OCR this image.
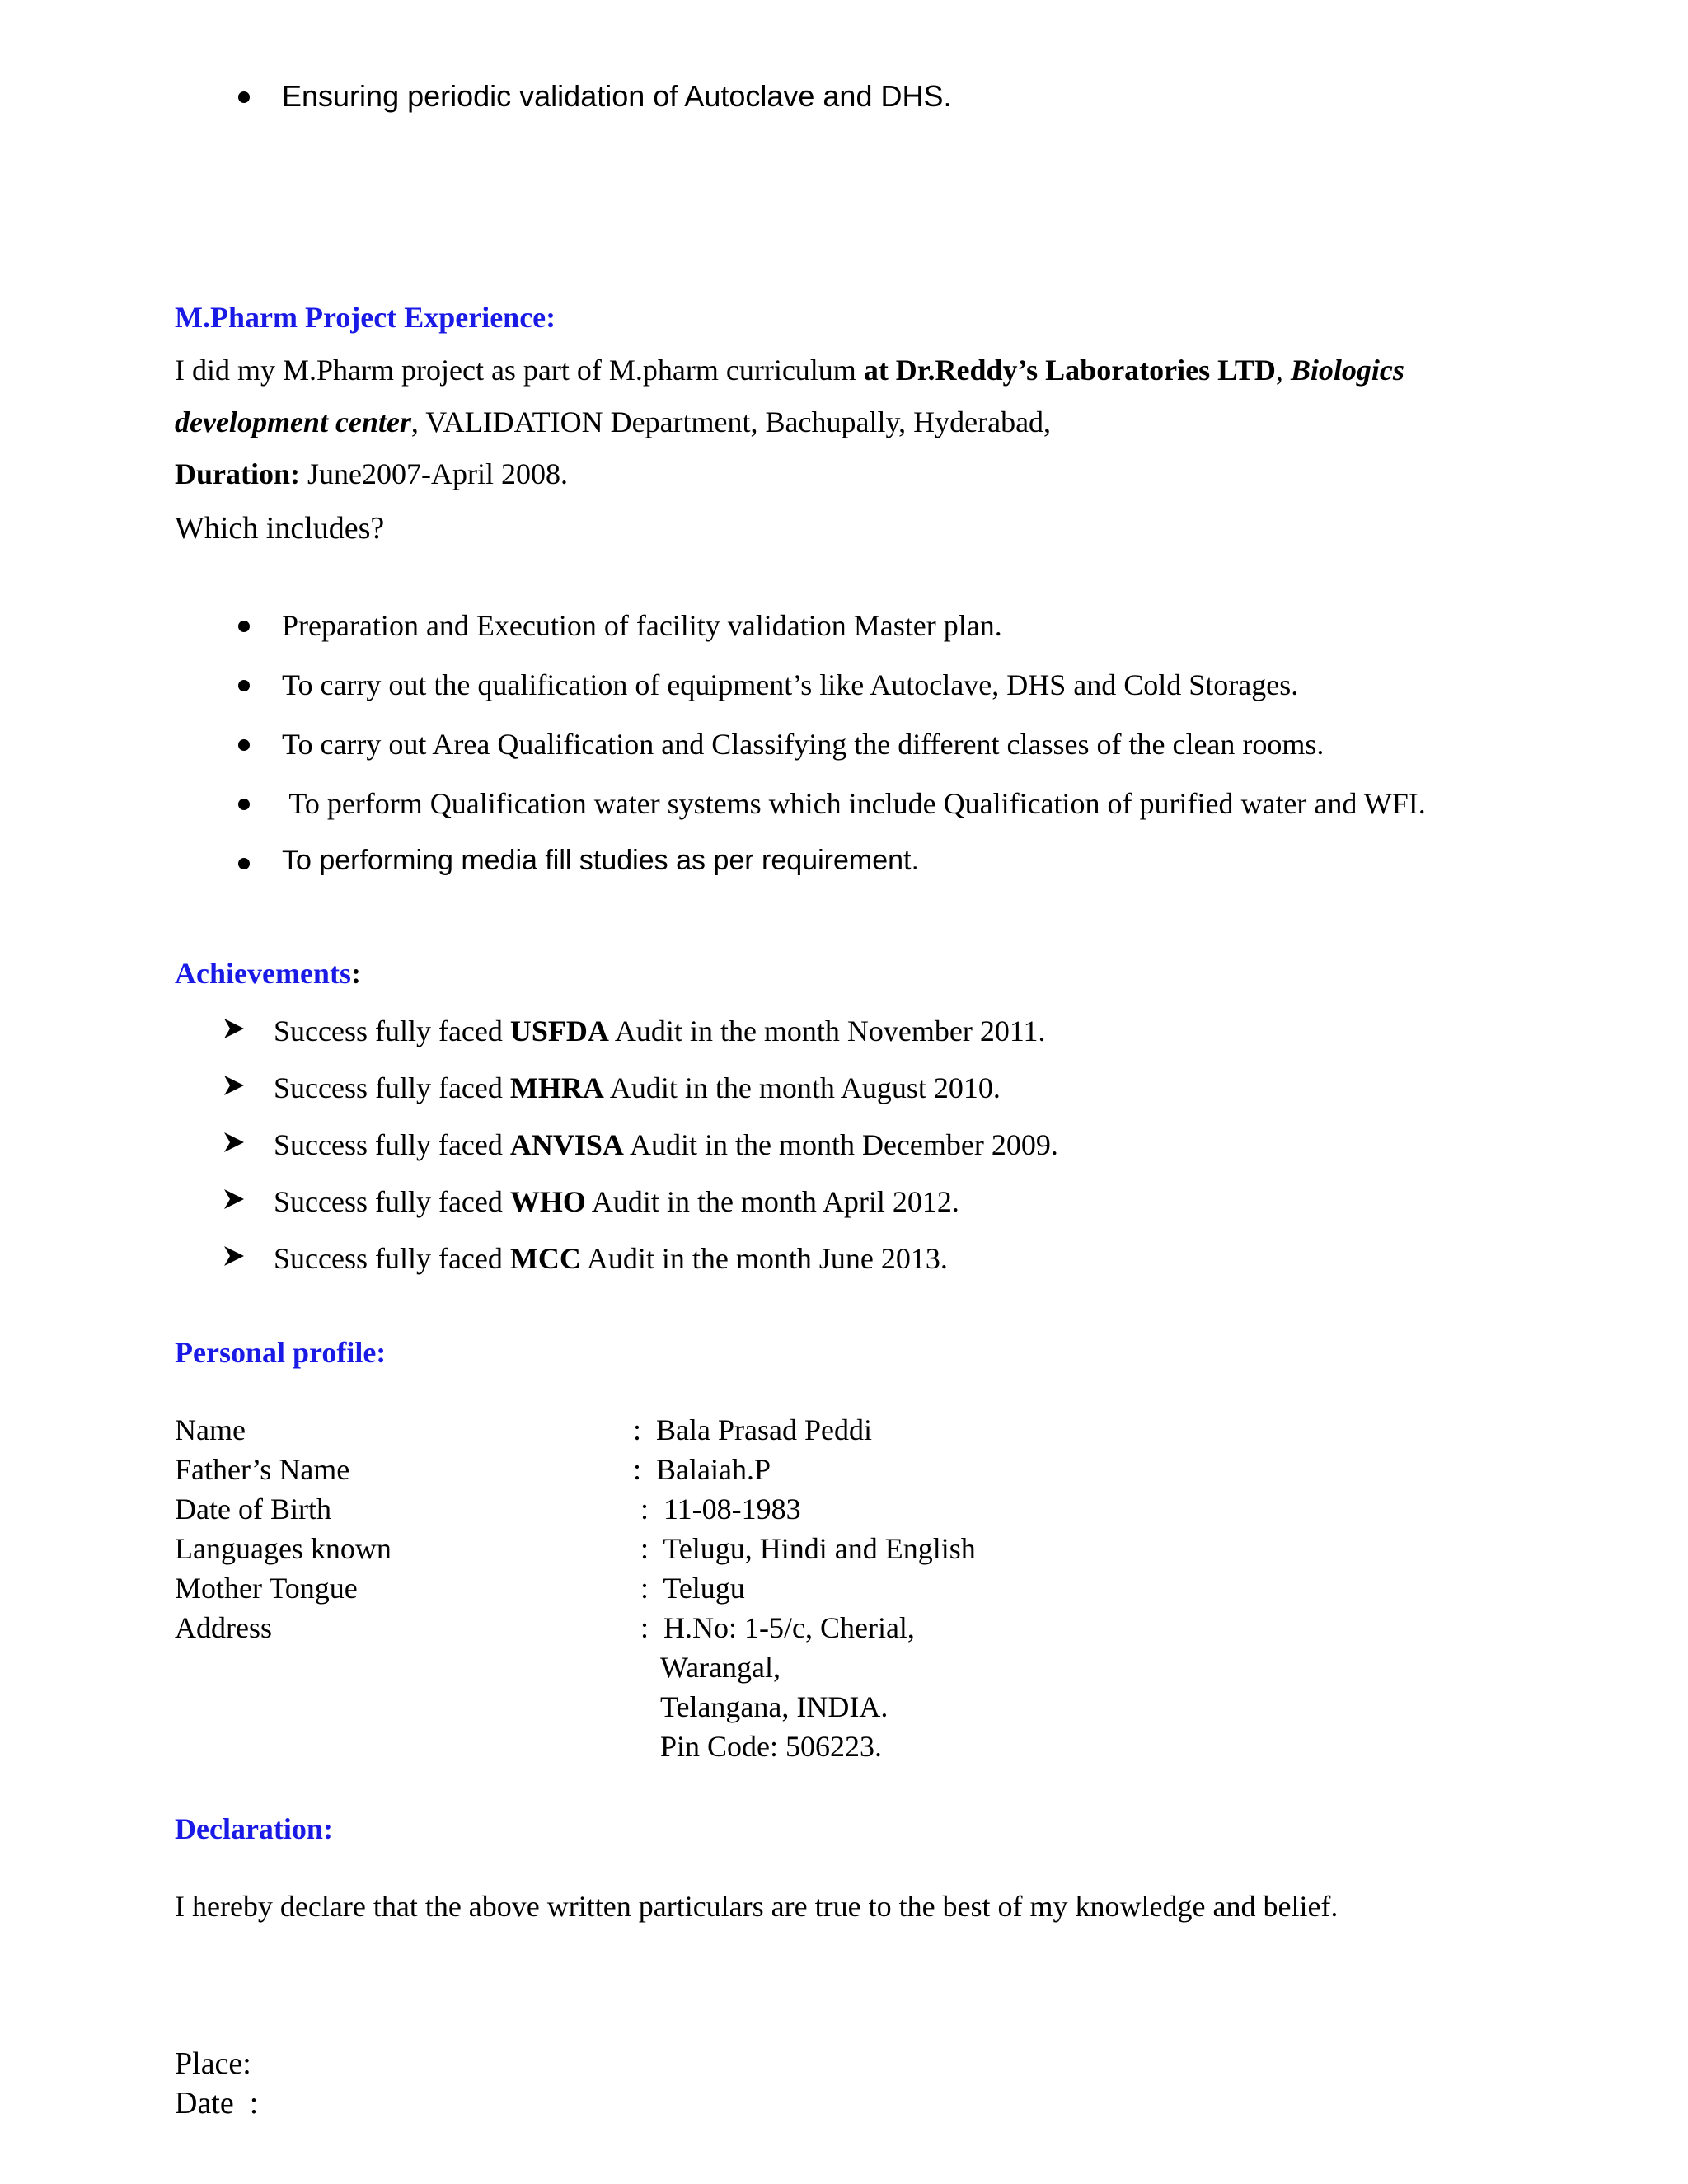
Ensuring periodic validation of Autoclave and DHS.
M.Pharm Project Experience:
I did my M.Pharm project as part of M.pharm curriculum at Dr.Reddy’s Laboratories LTD, Biologics
development center, VALIDATION Department, Bachupally, Hyderabad,
Duration: June2007-April 2008.
Which includes?
Preparation and Execution of facility validation Master plan.
To carry out the qualification of equipment’s like Autoclave, DHS and Cold Storages.
To carry out Area Qualification and Classifying the different classes of the clean rooms.
To perform Qualification water systems which include Qualification of purified water and WFI.
To performing media fill studies as per requirement.
Achievements:
Success fully faced USFDA Audit in the month November 2011.
Success fully faced MHRA Audit in the month August 2010.
Success fully faced ANVISA Audit in the month December 2009.
Success fully faced WHO Audit in the month April 2012.
Success fully faced MCC Audit in the month June 2013.
Personal profile:
Name	:  Bala Prasad Peddi
Father’s Name	:  Balaiah.P
Date of Birth	:  11-08-1983
Languages known	:  Telugu, Hindi and English
Mother Tongue	:  Telugu
Address	:  H.No: 1-5/c, Cherial,
Warangal,
Telangana, INDIA.
Pin Code: 506223.
Declaration:
I hereby declare that the above written particulars are true to the best of my knowledge and belief.
Place:
Date  :
